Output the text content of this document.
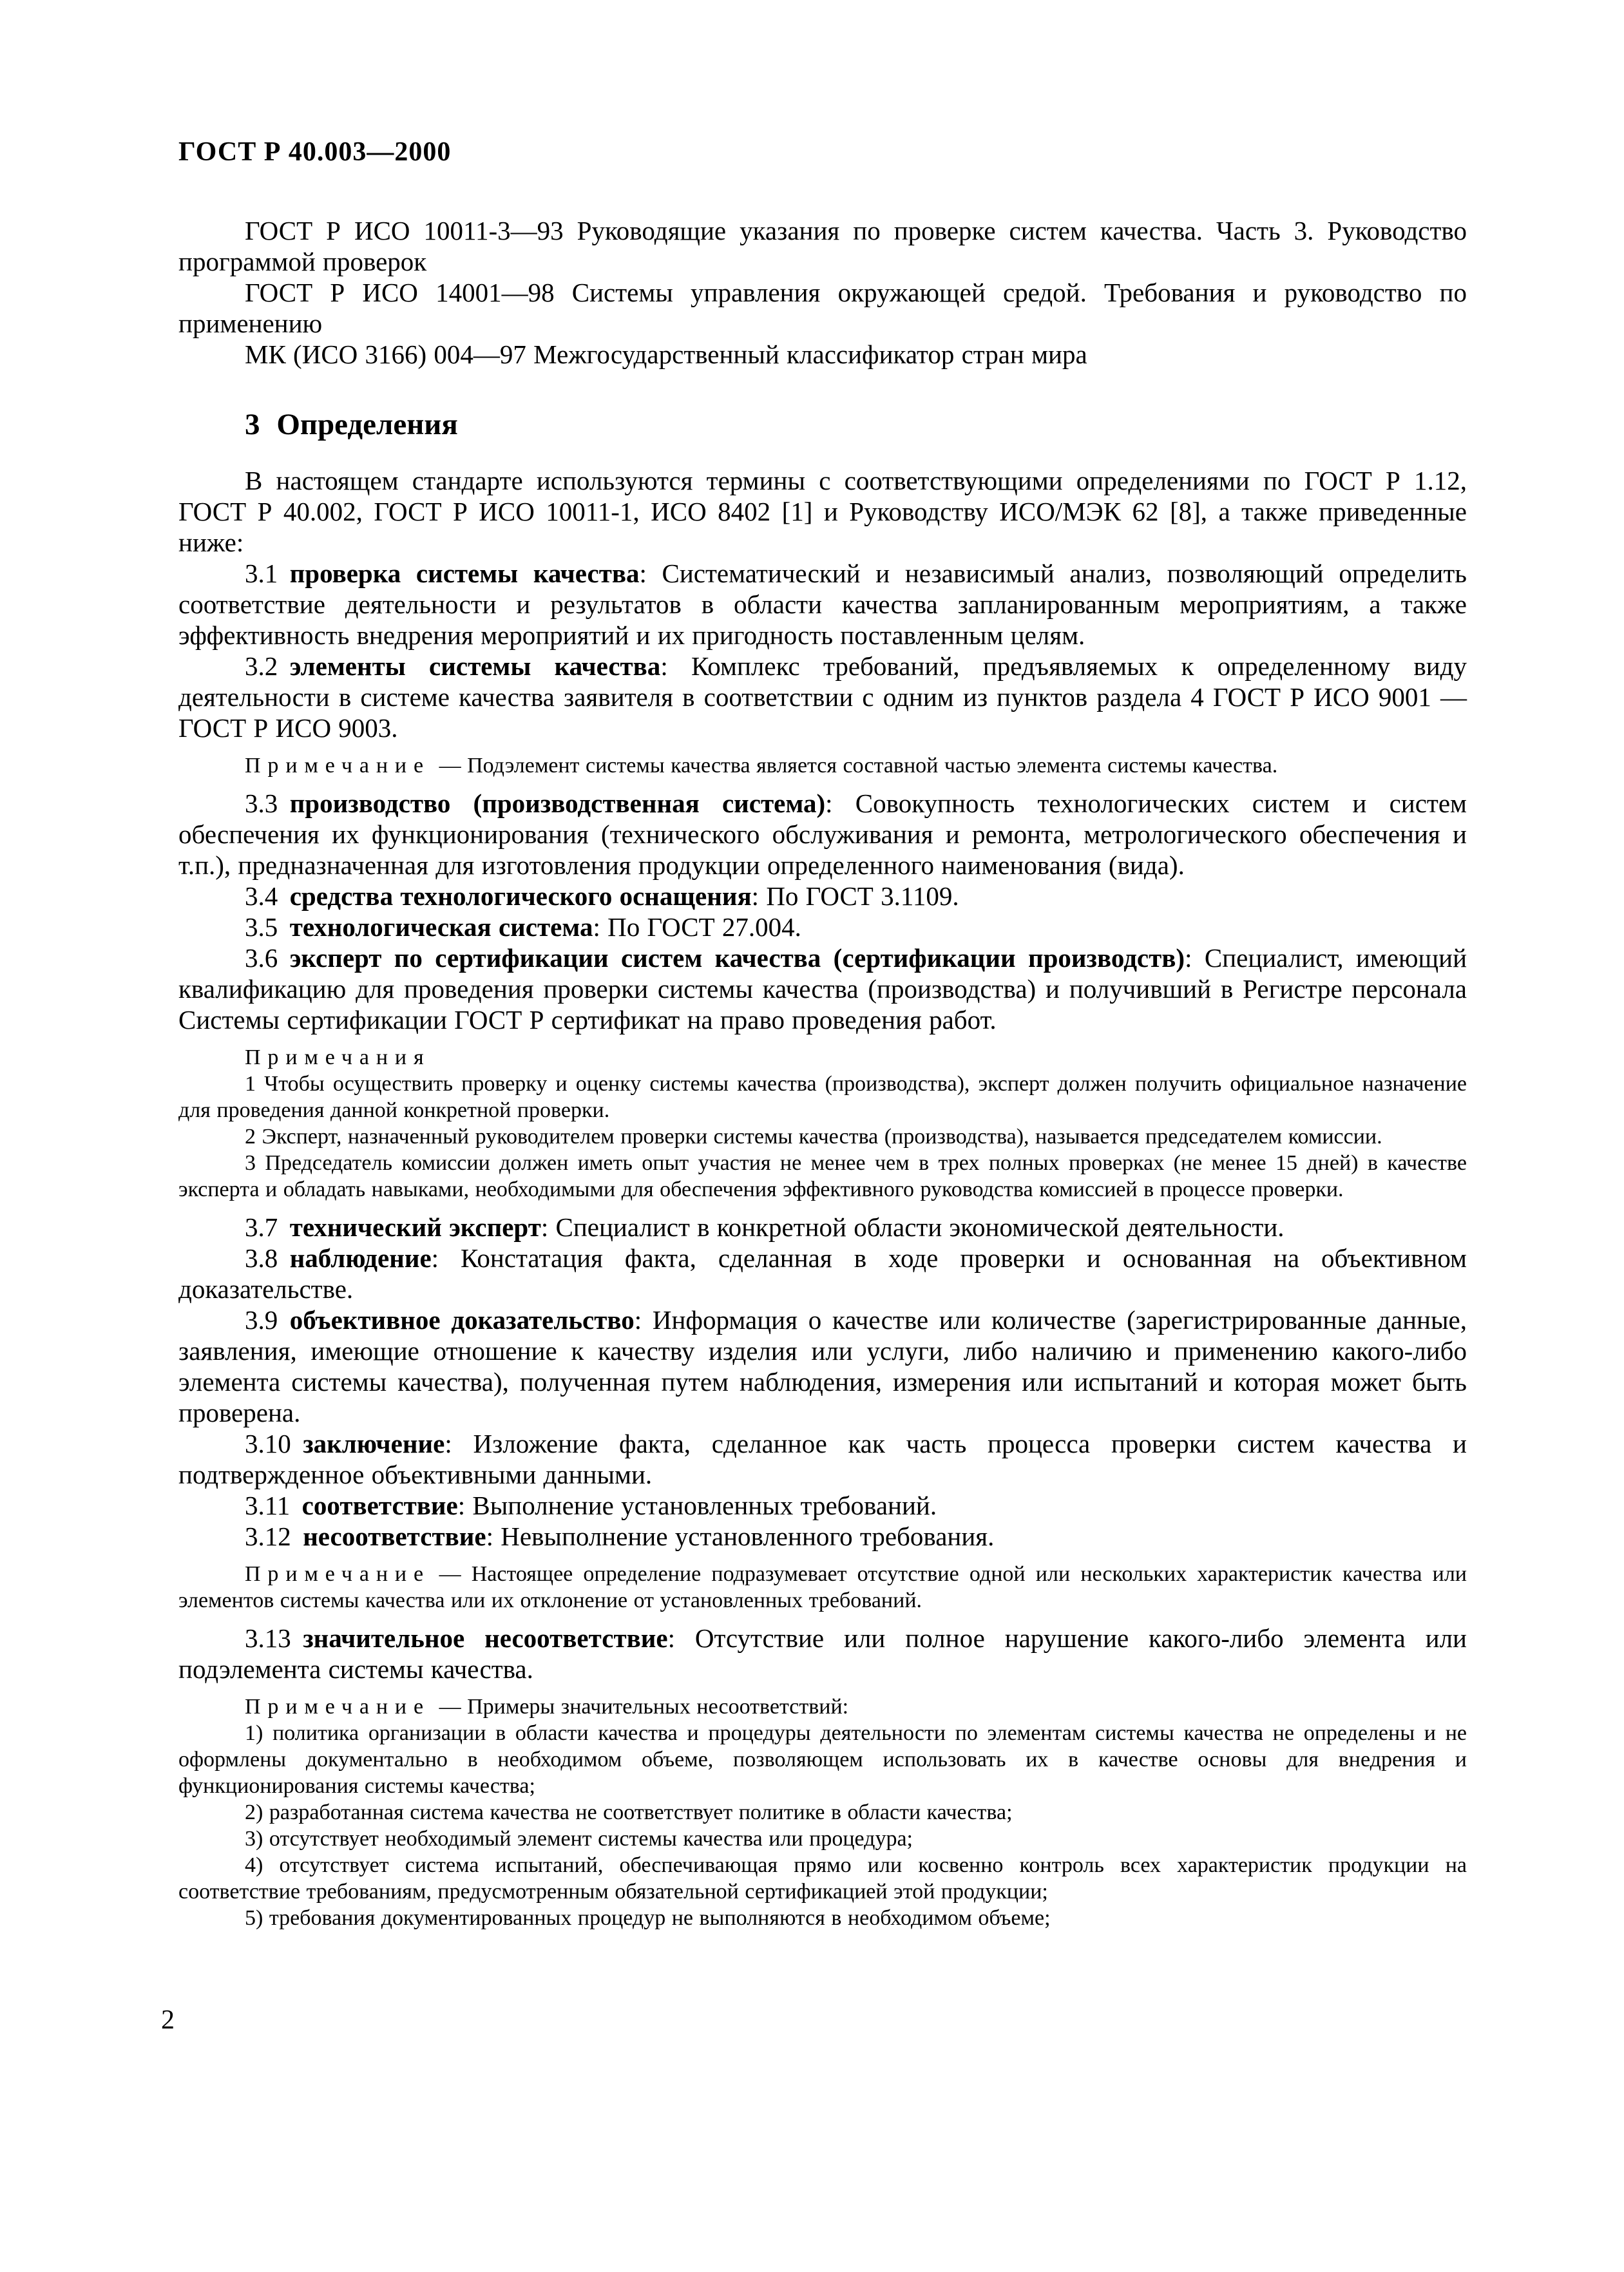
ГОСТ Р 40.003—2000

ГОСТ Р ИСО 10011-3—93 Руководящие указания по проверке систем качества. Часть 3. Руководство программой проверок

ГОСТ Р ИСО 14001—98 Системы управления окружающей средой. Требования и руководство по применению

МК (ИСО 3166) 004—97 Межгосударственный классификатор стран мира

3 Определения

В настоящем стандарте используются термины с соответствующими определениями по ГОСТ Р 1.12, ГОСТ Р 40.002, ГОСТ Р ИСО 10011-1, ИСО 8402 [1] и Руководству ИСО/МЭК 62 [8], а также приведенные ниже:

3.1 проверка системы качества: Систематический и независимый анализ, позволяющий определить соответствие деятельности и результатов в области качества запланированным мероприятиям, а также эффективность внедрения мероприятий и их пригодность поставленным целям.

3.2 элементы системы качества: Комплекс требований, предъявляемых к определенному виду деятельности в системе качества заявителя в соответствии с одним из пунктов раздела 4 ГОСТ Р ИСО 9001 — ГОСТ Р ИСО 9003.

Примечание — Подэлемент системы качества является составной частью элемента системы качества.

3.3 производство (производственная система): Совокупность технологических систем и систем обеспечения их функционирования (технического обслуживания и ремонта, метрологического обеспечения и т.п.), предназначенная для изготовления продукции определенного наименования (вида).

3.4 средства технологического оснащения: По ГОСТ 3.1109.

3.5 технологическая система: По ГОСТ 27.004.

3.6 эксперт по сертификации систем качества (сертификации производств): Специалист, имеющий квалификацию для проведения проверки системы качества (производства) и получивший в Регистре персонала Системы сертификации ГОСТ Р сертификат на право проведения работ.

Примечания

1 Чтобы осуществить проверку и оценку системы качества (производства), эксперт должен получить официальное назначение для проведения данной конкретной проверки.

2 Эксперт, назначенный руководителем проверки системы качества (производства), называется председателем комиссии.

3 Председатель комиссии должен иметь опыт участия не менее чем в трех полных проверках (не менее 15 дней) в качестве эксперта и обладать навыками, необходимыми для обеспечения эффективного руководства комиссией в процессе проверки.

3.7 технический эксперт: Специалист в конкретной области экономической деятельности.

3.8 наблюдение: Констатация факта, сделанная в ходе проверки и основанная на объективном доказательстве.

3.9 объективное доказательство: Информация о качестве или количестве (зарегистрированные данные, заявления, имеющие отношение к качеству изделия или услуги, либо наличию и применению какого-либо элемента системы качества), полученная путем наблюдения, измерения или испытаний и которая может быть проверена.

3.10 заключение: Изложение факта, сделанное как часть процесса проверки систем качества и подтвержденное объективными данными.

3.11 соответствие: Выполнение установленных требований.

3.12 несоответствие: Невыполнение установленного требования.

Примечание — Настоящее определение подразумевает отсутствие одной или нескольких характеристик качества или элементов системы качества или их отклонение от установленных требований.

3.13 значительное несоответствие: Отсутствие или полное нарушение какого-либо элемента или подэлемента системы качества.

Примечание — Примеры значительных несоответствий:

1) политика организации в области качества и процедуры деятельности по элементам системы качества не определены и не оформлены документально в необходимом объеме, позволяющем использовать их в качестве основы для внедрения и функционирования системы качества;

2) разработанная система качества не соответствует политике в области качества;

3) отсутствует необходимый элемент системы качества или процедура;

4) отсутствует система испытаний, обеспечивающая прямо или косвенно контроль всех характеристик продукции на соответствие требованиям, предусмотренным обязательной сертификацией этой продукции;

5) требования документированных процедур не выполняются в необходимом объеме;

2
